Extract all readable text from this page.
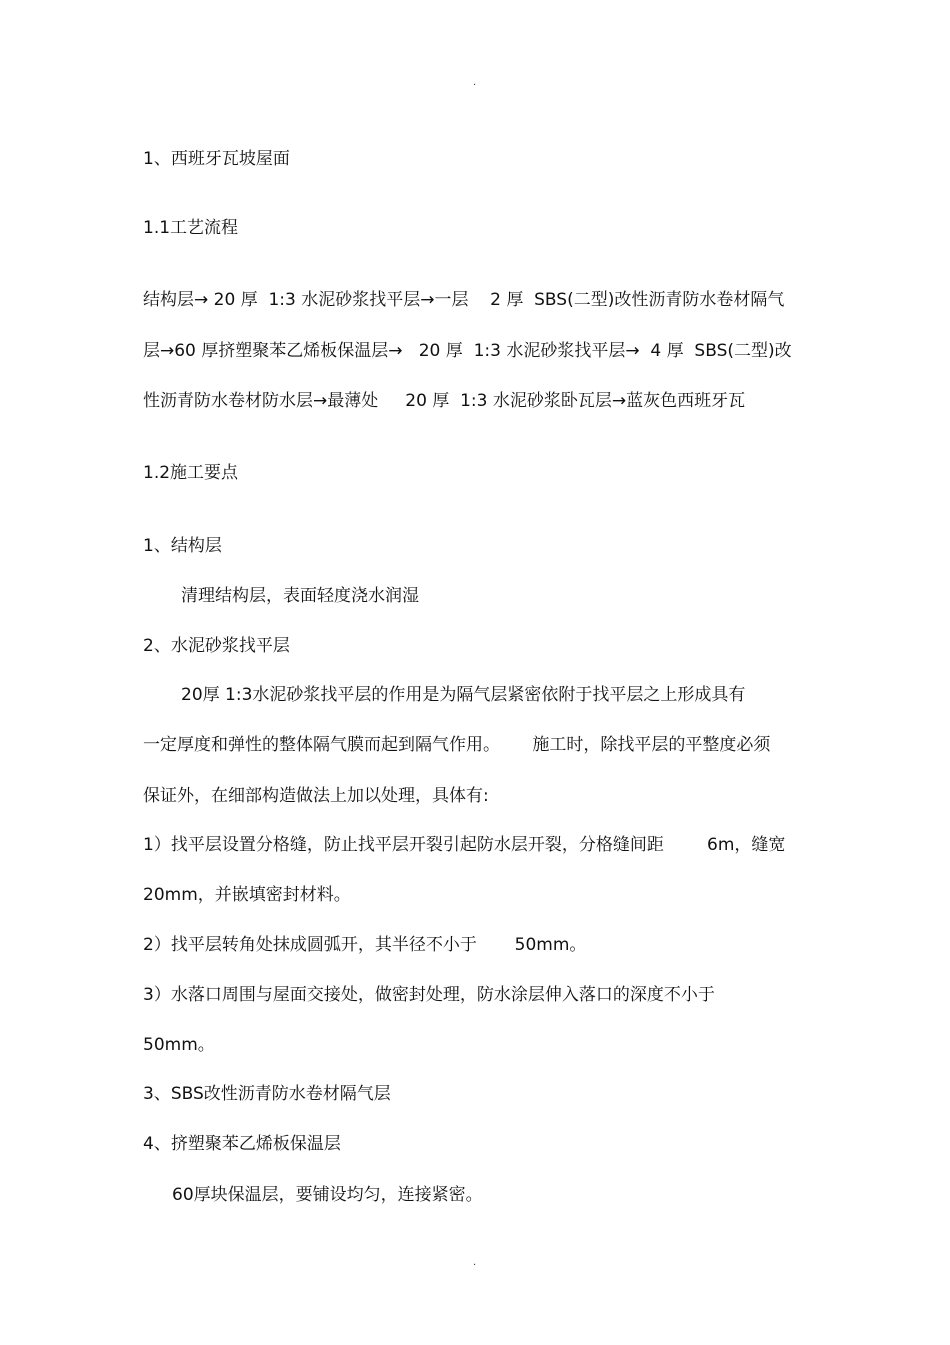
.
1、西班牙瓦坡屋面
1.1工艺流程
结构层→ 20 厚  1:3 水泥砂浆找平层→一层    2 厚  SBS(二型)改性沥青防水卷材隔气
层→60 厚挤塑聚苯乙烯板保温层→   20 厚  1:3 水泥砂浆找平层→  4 厚  SBS(二型)改
性沥青防水卷材防水层→最薄处     20 厚  1:3 水泥砂浆卧瓦层→蓝灰色西班牙瓦
1.2施工要点
1、结构层
清理结构层，表面轻度浇水润湿
2、水泥砂浆找平层
20厚 1:3水泥砂浆找平层的作用是为隔气层紧密依附于找平层之上形成具有
一定厚度和弹性的整体隔气膜而起到隔气作用。      施工时，除找平层的平整度必须
保证外，在细部构造做法上加以处理，具体有:
1）找平层设置分格缝，防止找平层开裂引起防水层开裂，分格缝间距        6m，缝宽
20mm，并嵌填密封材料。
2）找平层转角处抹成圆弧开，其半径不小于       50mm。
3）水落口周围与屋面交接处，做密封处理，防水涂层伸入落口的深度不小于
50mm。
3、SBS改性沥青防水卷材隔气层
4、挤塑聚苯乙烯板保温层
60厚块保温层，要铺设均匀，连接紧密。
.
